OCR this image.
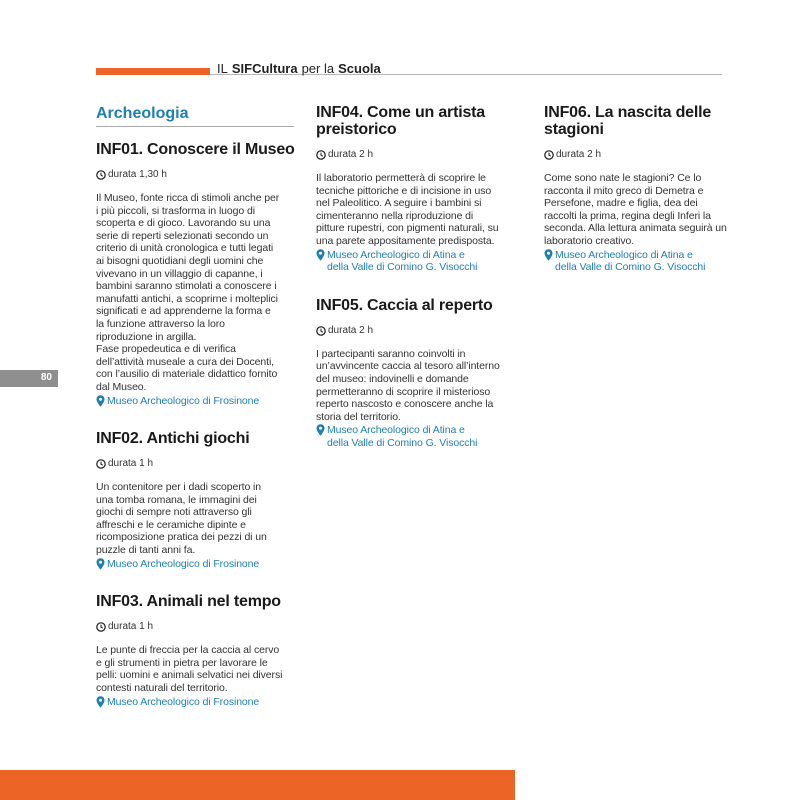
IL SIFCultura per la Scuola
80
Archeologia
INF01. Conoscere il Museo
durata 1,30 h
Il Museo, fonte ricca di stimoli anche per
i più piccoli, si trasforma in luogo di
scoperta e di gioco. Lavorando su una
serie di reperti selezionati secondo un
criterio di unità cronologica e tutti legati
ai bisogni quotidiani degli uomini che
vivevano in un villaggio di capanne, i
bambini saranno stimolati a conoscere i
manufatti antichi, a scoprirne i molteplici
significati e ad apprenderne la forma e
la funzione attraverso la loro
riproduzione in argilla.
Fase propedeutica e di verifica
dell’attività museale a cura dei Docenti,
con l’ausilio di materiale didattico fornito
dal Museo.
Museo Archeologico di Frosinone
INF02. Antichi giochi
durata 1 h
Un contenitore per i dadi scoperto in
una tomba romana, le immagini dei
giochi di sempre noti attraverso gli
affreschi e le ceramiche dipinte e
ricomposizione pratica dei pezzi di un
puzzle di tanti anni fa.
Museo Archeologico di Frosinone
INF03. Animali nel tempo
durata 1 h
Le punte di freccia per la caccia al cervo
e gli strumenti in pietra per lavorare le
pelli: uomini e animali selvatici nei diversi
contesti naturali del territorio.
Museo Archeologico di Frosinone
INF04. Come un artista
preistorico
durata 2 h
Il laboratorio permetterà di scoprire le
tecniche pittoriche e di incisione in uso
nel Paleolitico. A seguire i bambini si
cimenteranno nella riproduzione di
pitture rupestri, con pigmenti naturali, su
una parete appositamente predisposta.
Museo Archeologico di Atina e
della Valle di Comino G. Visocchi
INF05. Caccia al reperto
durata 2 h
I partecipanti saranno coinvolti in
un’avvincente caccia al tesoro all’interno
del museo: indovinelli e domande
permetteranno di scoprire il misterioso
reperto nascosto e conoscere anche la
storia del territorio.
Museo Archeologico di Atina e
della Valle di Comino G. Visocchi
INF06. La nascita delle
stagioni
durata 2 h
Come sono nate le stagioni? Ce lo
racconta il mito greco di Demetra e
Persefone, madre e figlia, dea dei
raccolti la prima, regina degli Inferi la
seconda. Alla lettura animata seguirà un
laboratorio creativo.
Museo Archeologico di Atina e
della Valle di Comino G. Visocchi
